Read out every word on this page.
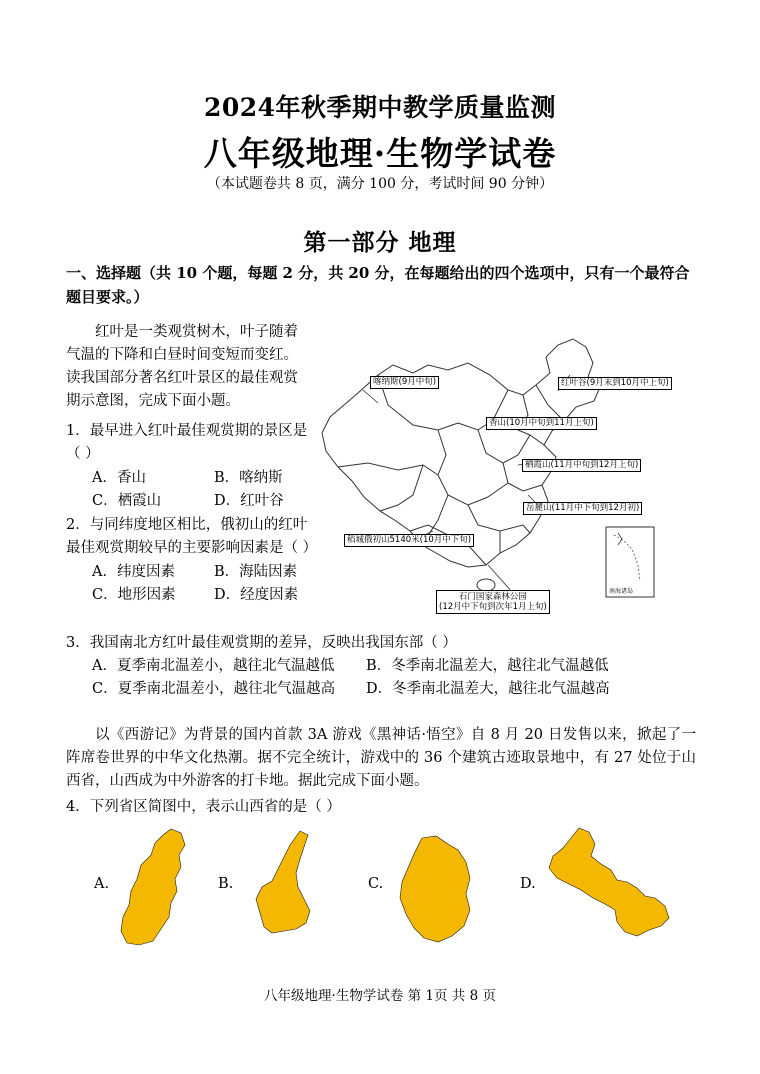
2024年秋季期中教学质量监测
八年级地理·生物学试卷
（本试题卷共 8 页，满分 100 分，考试时间 90 分钟）
第一部分 地理
一、选择题（共 10 个题，每题 2 分，共 20 分，在每题给出的四个选项中，只有一个最符合题目要求。）
红叶是一类观赏树木，叶子随着气温的下降和白昼时间变短而变红。读我国部分著名红叶景区的最佳观赏期示意图，完成下面小题。
1．最早进入红叶最佳观赏期的景区是（ ）
A．香山	B．喀纳斯
C．栖霞山	D．红叶谷
2．与同纬度地区相比，俄初山的红叶最佳观赏期较早的主要影响因素是（ ）
A．纬度因素	B．海陆因素
C．地形因素	D．经度因素	南海诸岛
喀纳斯(9月中旬)	红叶谷(9月末到10月中上旬)
香山(10月中旬到11月上旬)
栖霞山(11月中旬到12月上旬)
岳麓山(11月中下旬到12月初)
稻城俄初山5140米(10月中下旬)
石门国家森林公园
(12月中下旬到次年1月上旬)
3．我国南北方红叶最佳观赏期的差异，反映出我国东部（ ）
A．夏季南北温差小，越往北气温越低	B．冬季南北温差大，越往北气温越低
C．夏季南北温差小，越往北气温越高	D．冬季南北温差大，越往北气温越高
以《西游记》为背景的国内首款 3A 游戏《黑神话·悟空》自 8 月 20 日发售以来，掀起了一阵席卷世界的中华文化热潮。据不完全统计，游戏中的 36 个建筑古迹取景地中，有 27 处位于山西省，山西成为中外游客的打卡地。据此完成下面小题。
4．下列省区简图中，表示山西省的是（ ）
A.	B.	C.	D.
八年级地理·生物学试卷 第 1页 共 8 页
